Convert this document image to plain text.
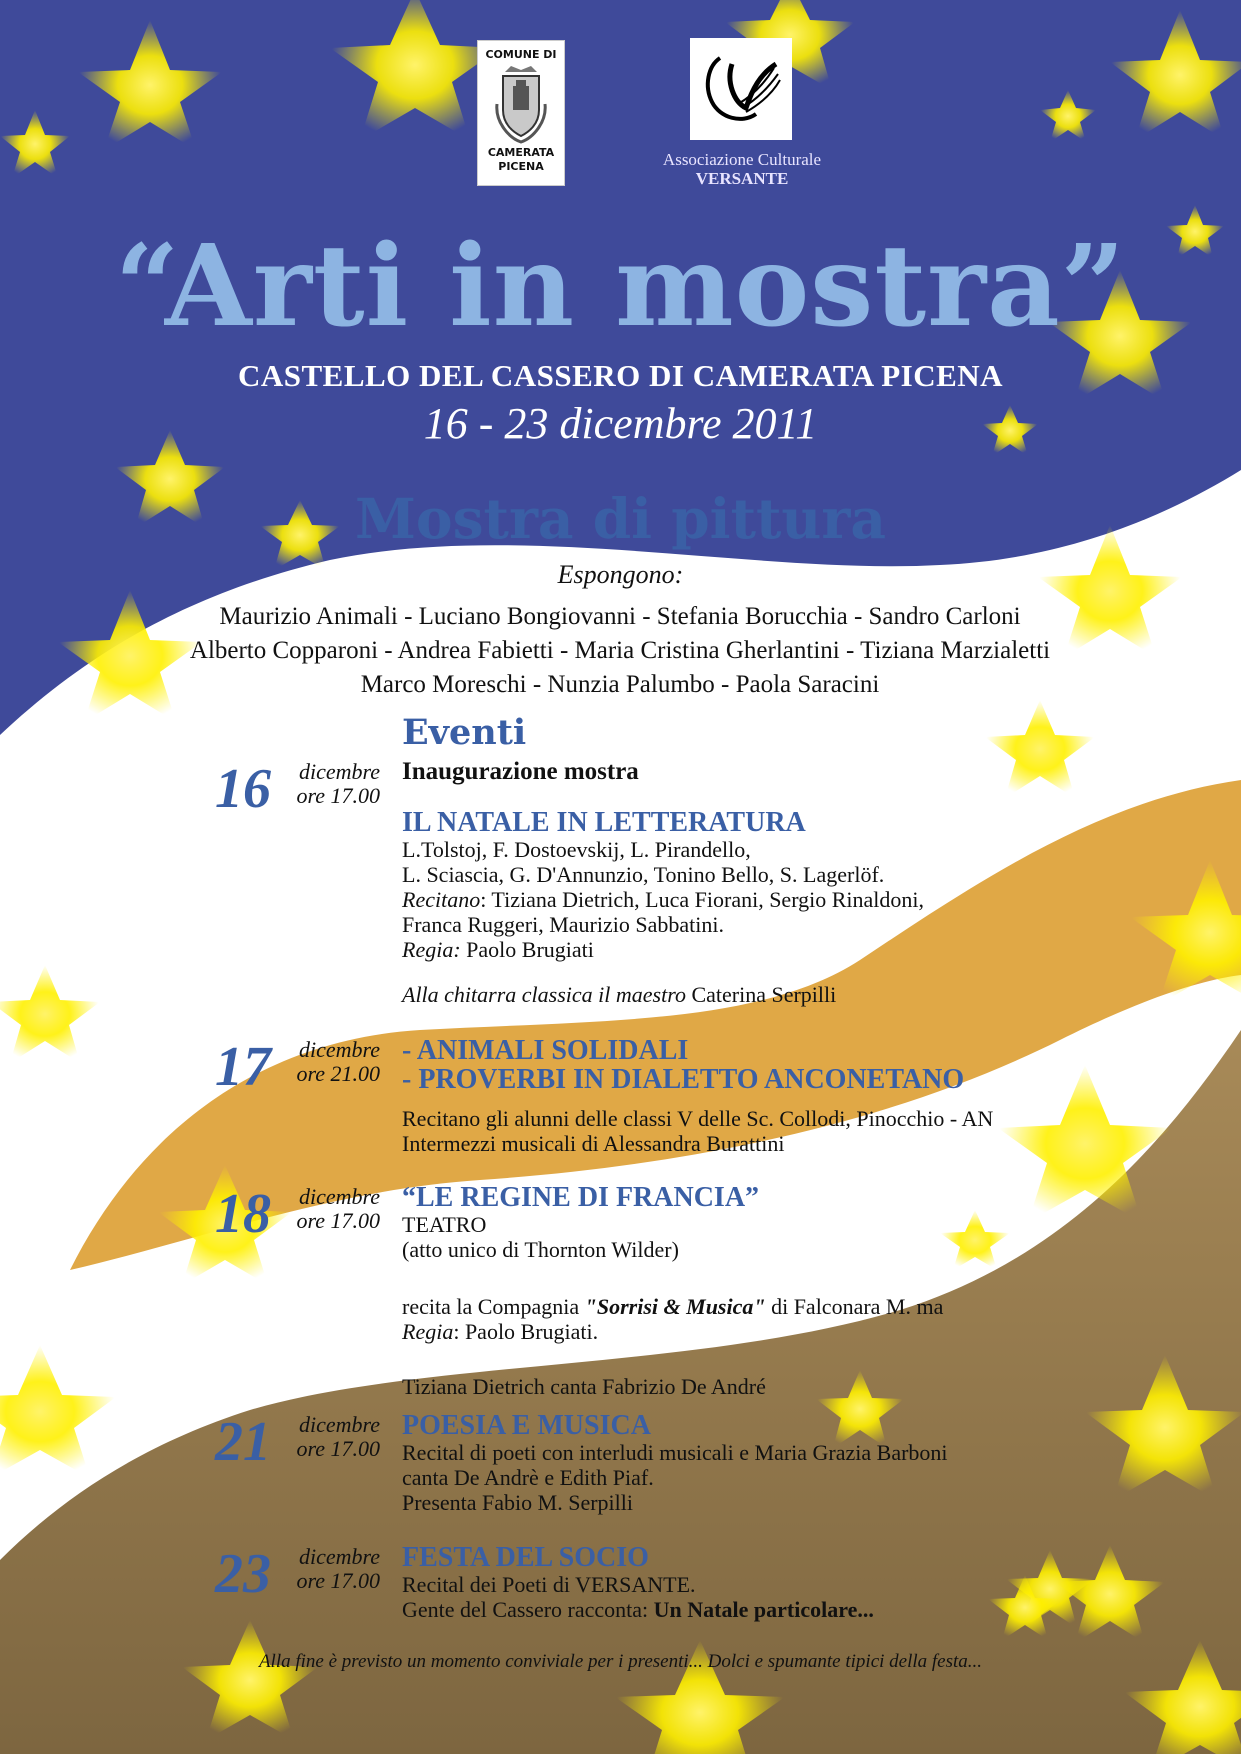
COMUNE DI
CAMERATA
PICENA	Associazione Culturale
VERSANTE
“Arti in mostra”
CASTELLO DEL CASSERO DI CAMERATA PICENA
16 - 23 dicembre 2011
Mostra di pittura
Espongono:
Maurizio Animali - Luciano Bongiovanni - Stefania Borucchia - Sandro Carloni
Alberto Copparoni - Andrea Fabietti - Maria Cristina Gherlantini - Tiziana Marzialetti
Marco Moreschi - Nunzia Palumbo - Paola Saracini
Eventi
16	dicembre
ore 17.00
Inaugurazione mostra
IL NATALE IN LETTERATURA
L.Tolstoj, F. Dostoevskij, L. Pirandello,
L. Sciascia, G. D'Annunzio, Tonino Bello, S. Lagerlöf.
Recitano: Tiziana Dietrich, Luca Fiorani, Sergio Rinaldoni,
Franca Ruggeri, Maurizio Sabbatini.
Regia: Paolo Brugiati
Alla chitarra classica il maestro Caterina Serpilli
17	dicembre
ore 21.00
- ANIMALI SOLIDALI
- PROVERBI IN DIALETTO ANCONETANO
Recitano gli alunni delle classi V delle Sc. Collodi, Pinocchio - AN
Intermezzi musicali di Alessandra Burattini
18	dicembre
ore 17.00
“LE REGINE DI FRANCIA”
TEATRO
(atto unico di Thornton Wilder)
recita la Compagnia "Sorrisi & Musica" di Falconara M. ma
Regia: Paolo Brugiati.
Tiziana Dietrich canta Fabrizio De André
21	dicembre
ore 17.00
POESIA E MUSICA
Recital di poeti con interludi musicali e Maria Grazia Barboni
canta De Andrè e Edith Piaf.
Presenta Fabio M. Serpilli
23	dicembre
ore 17.00
FESTA DEL SOCIO
Recital dei Poeti di VERSANTE.
Gente del Cassero racconta: Un Natale particolare...
Alla fine è previsto un momento conviviale per i presenti... Dolci e spumante tipici della festa...
